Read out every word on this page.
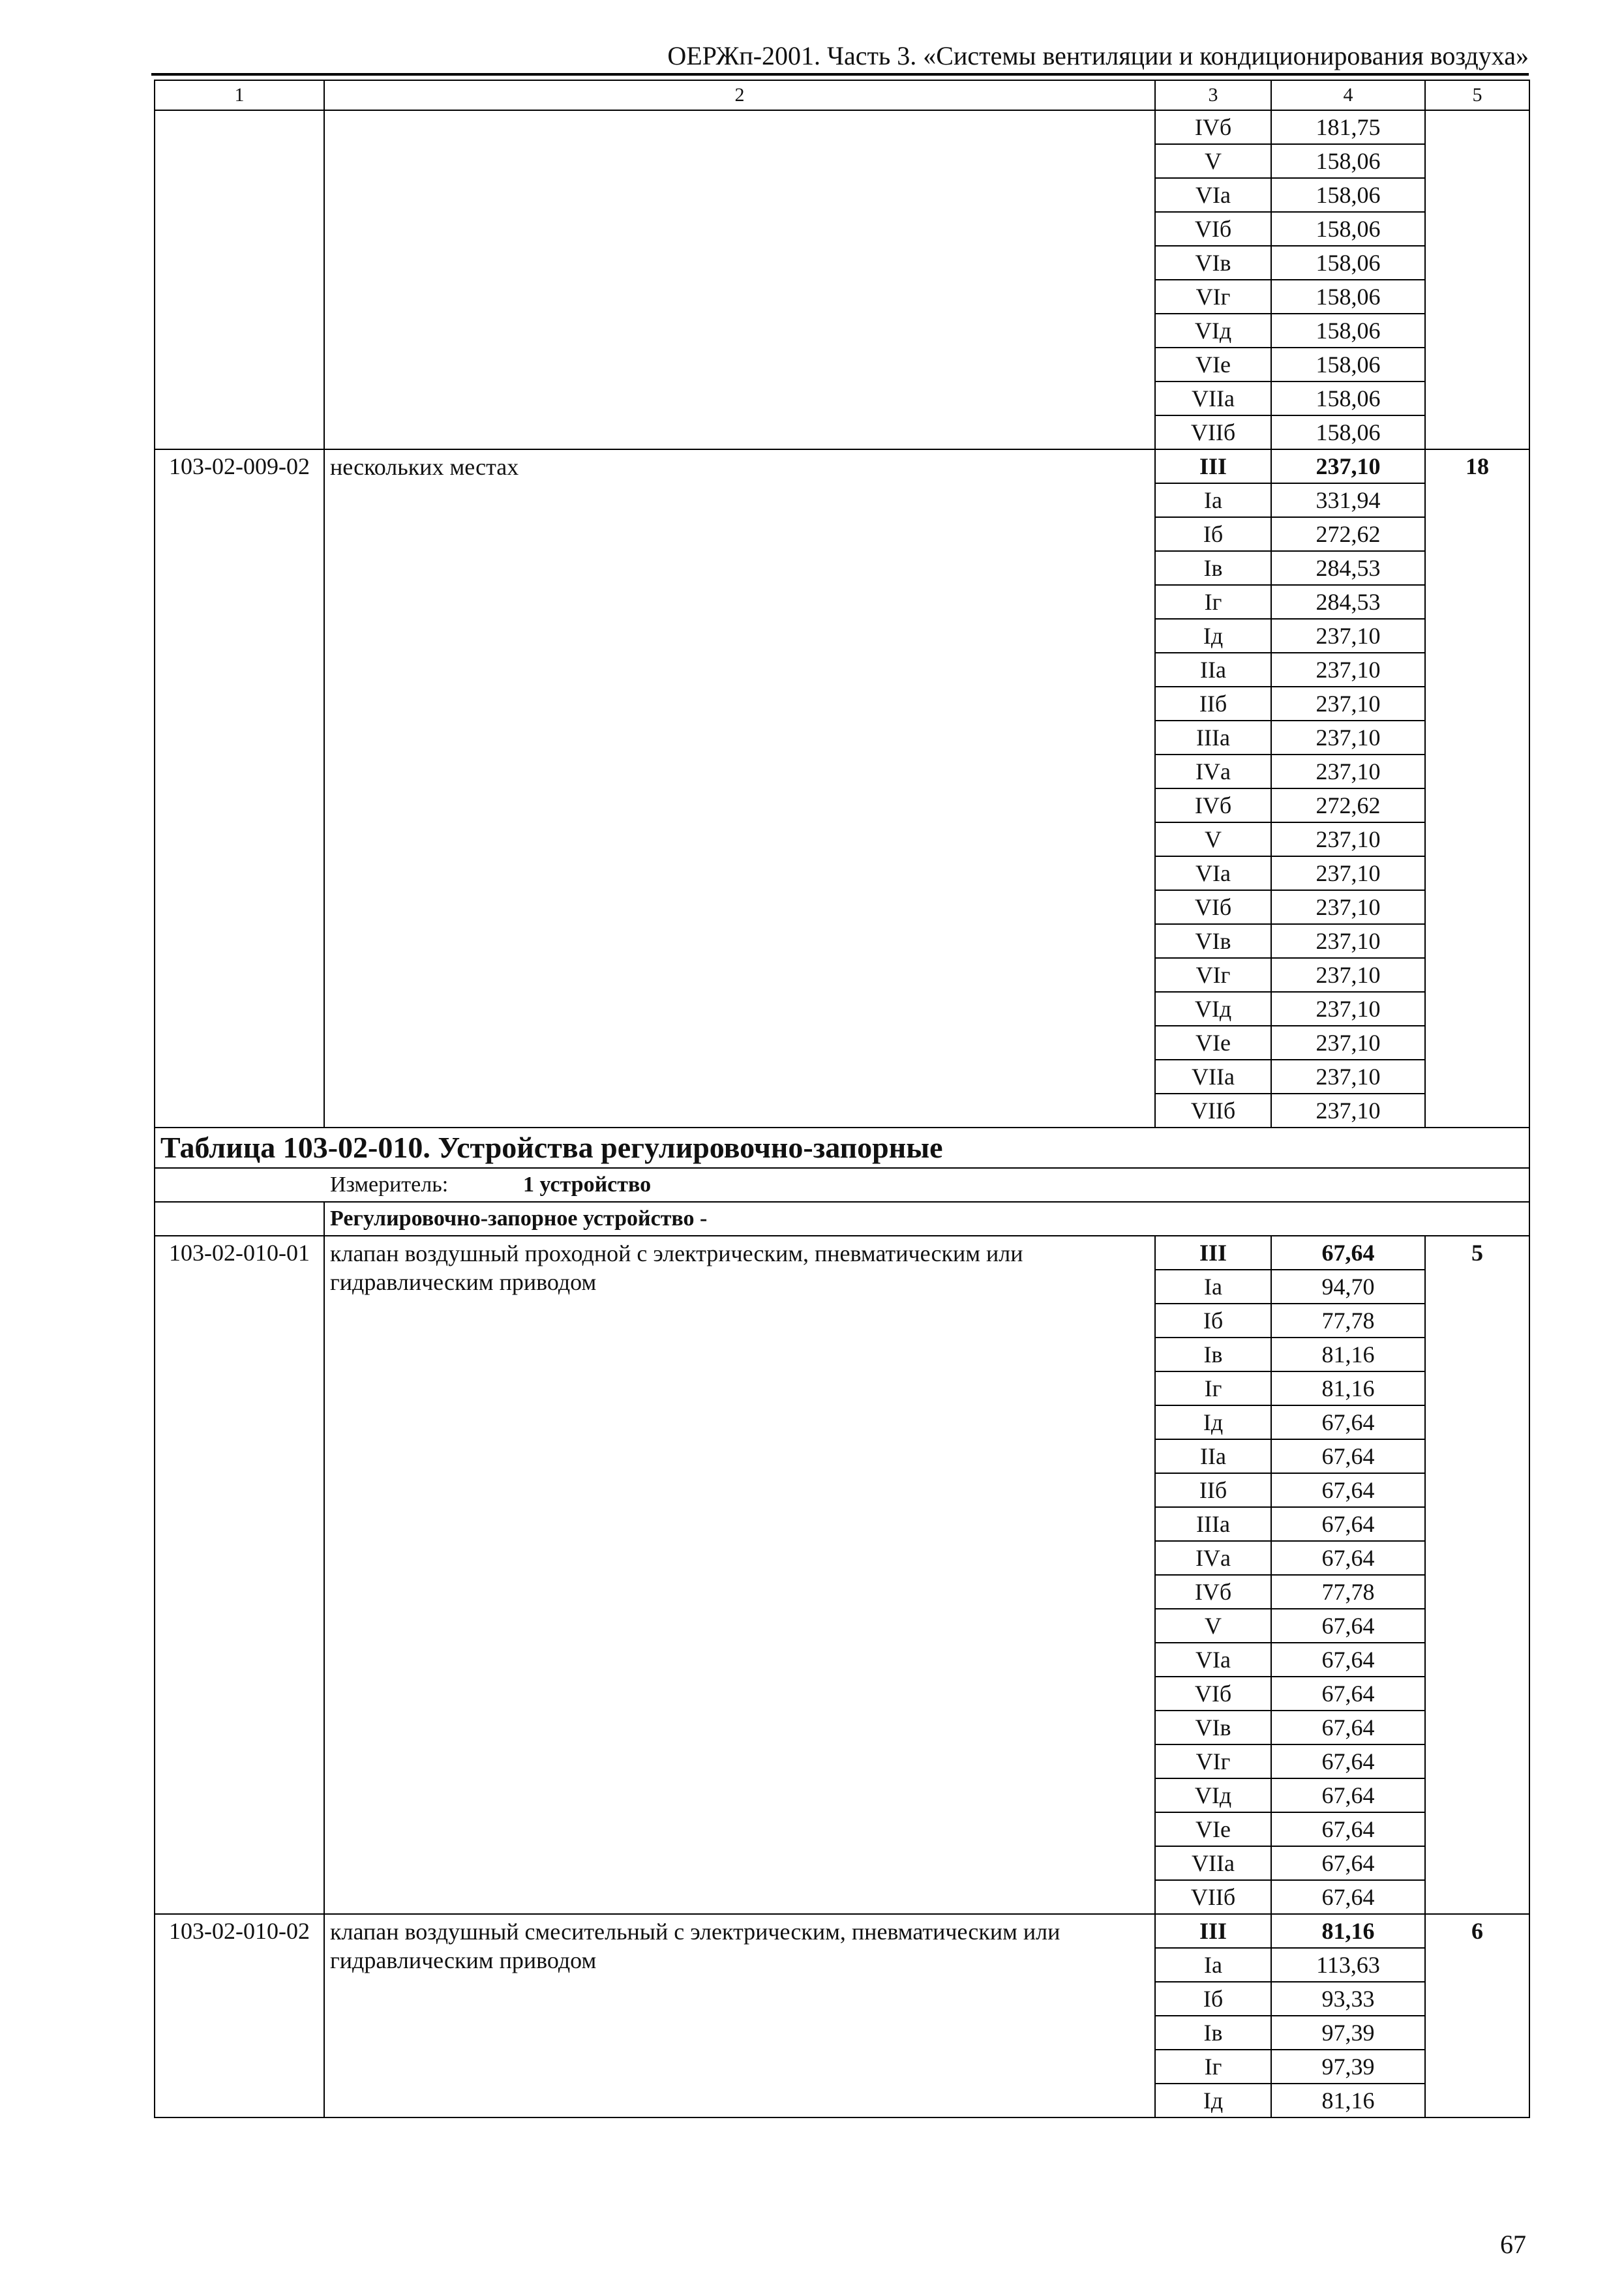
ОЕРЖп-2001. Часть 3. «Системы вентиляции и кондиционирования воздуха»
1	2	3	4	5
		IVб	181,75	
		V	158,06	
		VIа	158,06	
		VIб	158,06	
		VIв	158,06	
		VIг	158,06	
		VIд	158,06	
		VIе	158,06	
		VIIа	158,06	
		VIIб	158,06	
103-02-009-02	нескольких местах	III	237,10	18
		Iа	331,94	
		Iб	272,62	
		Iв	284,53	
		Iг	284,53	
		Iд	237,10	
		IIа	237,10	
		IIб	237,10	
		IIIа	237,10	
		IVа	237,10	
		IVб	272,62	
		V	237,10	
		VIа	237,10	
		VIб	237,10	
		VIв	237,10	
		VIг	237,10	
		VIд	237,10	
		VIе	237,10	
		VIIа	237,10	
		VIIб	237,10	
Таблица 103-02-010. Устройства регулировочно-запорные				
Измеритель: 1 устройство				
	Регулировочно-запорное устройство -			
103-02-010-01	клапан воздушный проходной с электрическим, пневматическим или гидравлическим приводом	III	67,64	5
		Iа	94,70	
		Iб	77,78	
		Iв	81,16	
		Iг	81,16	
		Iд	67,64	
		IIа	67,64	
		IIб	67,64	
		IIIа	67,64	
		IVа	67,64	
		IVб	77,78	
		V	67,64	
		VIа	67,64	
		VIб	67,64	
		VIв	67,64	
		VIг	67,64	
		VIд	67,64	
		VIе	67,64	
		VIIа	67,64	
		VIIб	67,64	
103-02-010-02	клапан воздушный смесительный с электрическим, пневматическим или гидравлическим приводом	III	81,16	6
		Iа	113,63	
		Iб	93,33	
		Iв	97,39	
		Iг	97,39	
		Iд	81,16	
67
